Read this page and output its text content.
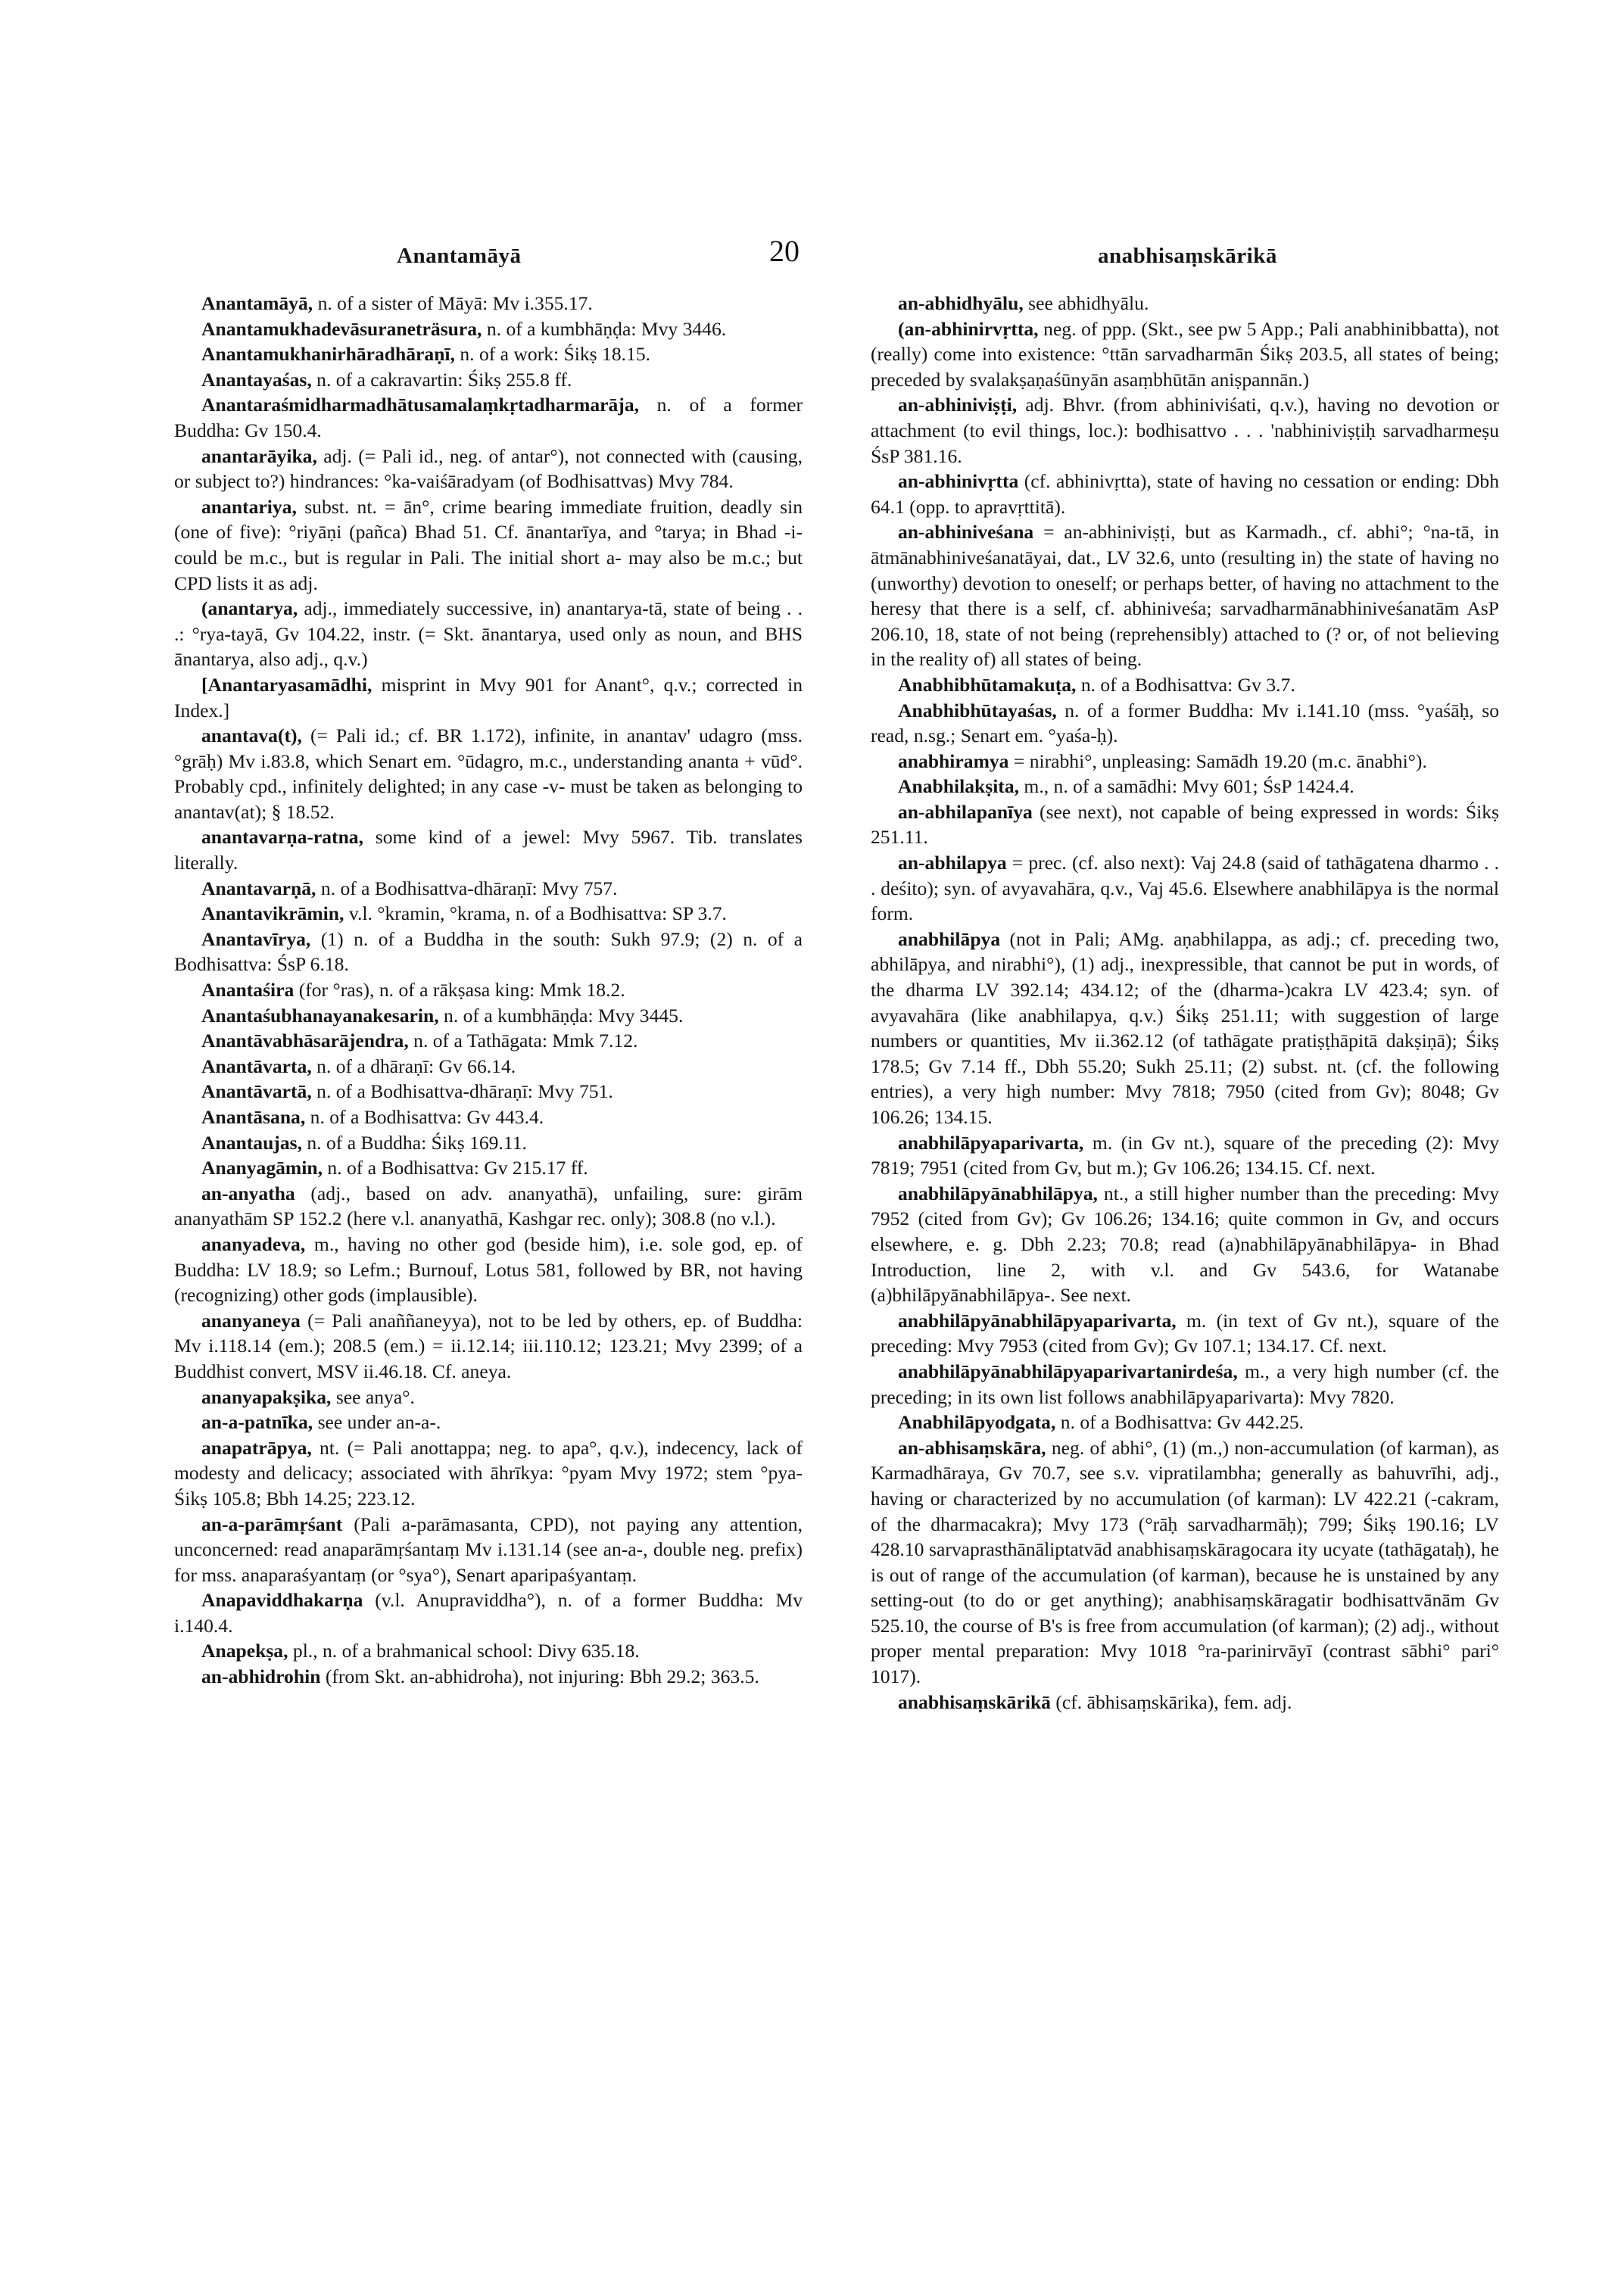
Anantamāyā	20	anabhisaṃskārikā

Anantamāyā, n. of a sister of Māyā: Mv i.355.17.

Anantamukhadevāsuraneträsura, n. of a kumbhāṇḍa: Mvy 3446.

Anantamukhanirhāradhāraṇī, n. of a work: Śikṣ 18.15.

Anantayaśas, n. of a cakravartin: Śikṣ 255.8 ff.

Anantaraśmidharmadhātusamalaṃkṛtadharmarāja, n. of a former Buddha: Gv 150.4.

anantarāyika, adj. (= Pali id., neg. of antar°), not connected with (causing, or subject to?) hindrances: °ka-vaiśāradyam (of Bodhisattvas) Mvy 784.

anantariya, subst. nt. = ān°, crime bearing immediate fruition, deadly sin (one of five): °riyāṇi (pañca) Bhad 51. Cf. ānantarīya, and °tarya; in Bhad -i- could be m.c., but is regular in Pali. The initial short a- may also be m.c.; but CPD lists it as adj.

(anantarya, adj., immediately successive, in) anantarya-tā, state of being . . .: °rya-tayā, Gv 104.22, instr. (= Skt. ānantarya, used only as noun, and BHS ānantarya, also adj., q.v.)

[Anantaryasamādhi, misprint in Mvy 901 for Anant°, q.v.; corrected in Index.]

anantava(t), (= Pali id.; cf. BR 1.172), infinite, in anantav' udagro (mss. °grāḥ) Mv i.83.8, which Senart em. °ūdagro, m.c., understanding ananta + vūd°. Probably cpd., infinitely delighted; in any case -v- must be taken as belonging to anantav(at); § 18.52.

anantavarṇa-ratna, some kind of a jewel: Mvy 5967. Tib. translates literally.

Anantavarṇā, n. of a Bodhisattva-dhāraṇī: Mvy 757.

Anantavikrāmin, v.l. °kramin, °krama, n. of a Bodhisattva: SP 3.7.

Anantavīrya, (1) n. of a Buddha in the south: Sukh 97.9; (2) n. of a Bodhisattva: ŚsP 6.18.

Anantaśira (for °ras), n. of a rākṣasa king: Mmk 18.2.

Anantaśubhanayanakesarin, n. of a kumbhāṇḍa: Mvy 3445.

Anantāvabhāsarājendra, n. of a Tathāgata: Mmk 7.12.

Anantāvarta, n. of a dhāraṇī: Gv 66.14.

Anantāvartā, n. of a Bodhisattva-dhāraṇī: Mvy 751.

Anantāsana, n. of a Bodhisattva: Gv 443.4.

Anantaujas, n. of a Buddha: Śikṣ 169.11.

Ananyagāmin, n. of a Bodhisattva: Gv 215.17 ff.

an-anyatha (adj., based on adv. ananyathā), unfailing, sure: girām ananyathām SP 152.2 (here v.l. ananyathā, Kashgar rec. only); 308.8 (no v.l.).

ananyadeva, m., having no other god (beside him), i.e. sole god, ep. of Buddha: LV 18.9; so Lefm.; Burnouf, Lotus 581, followed by BR, not having (recognizing) other gods (implausible).

ananyaneya (= Pali anaññaneyya), not to be led by others, ep. of Buddha: Mv i.118.14 (em.); 208.5 (em.) = ii.12.14; iii.110.12; 123.21; Mvy 2399; of a Buddhist convert, MSV ii.46.18. Cf. aneya.

ananyapakṣika, see anya°.

an-a-patnīka, see under an-a-.

anapatrāpya, nt. (= Pali anottappa; neg. to apa°, q.v.), indecency, lack of modesty and delicacy; associated with āhrīkya: °pyam Mvy 1972; stem °pya- Śikṣ 105.8; Bbh 14.25; 223.12.

an-a-parāmṛśant (Pali a-parāmasanta, CPD), not paying any attention, unconcerned: read anaparāmṛśantaṃ Mv i.131.14 (see an-a-, double neg. prefix) for mss. anaparaśyantaṃ (or °sya°), Senart aparipaśyantaṃ.

Anapaviddhakarṇa (v.l. Anupraviddha°), n. of a former Buddha: Mv i.140.4.

Anapekṣa, pl., n. of a brahmanical school: Divy 635.18.

an-abhidrohin (from Skt. an-abhidroha), not injuring: Bbh 29.2; 363.5.

an-abhidhyālu, see abhidhyālu.

(an-abhinirvṛtta, neg. of ppp. (Skt., see pw 5 App.; Pali anabhinibbatta), not (really) come into existence: °ttān sarvadharmān Śikṣ 203.5, all states of being; preceded by svalakṣaṇaśūnyān asaṃbhūtān aniṣpannān.)

an-abhiniviṣṭi, adj. Bhvr. (from abhiniviśati, q.v.), having no devotion or attachment (to evil things, loc.): bodhisattvo . . . 'nabhiniviṣṭiḥ sarvadharmeṣu ŚsP 381.16.

an-abhinivṛtta (cf. abhinivṛtta), state of having no cessation or ending: Dbh 64.1 (opp. to apravṛttitā).

an-abhiniveśana = an-abhiniviṣṭi, but as Karmadh., cf. abhi°; °na-tā, in ātmānabhiniveśanatāyai, dat., LV 32.6, unto (resulting in) the state of having no (unworthy) devotion to oneself; or perhaps better, of having no attachment to the heresy that there is a self, cf. abhiniveśa; sarvadharmānabhiniveśanatām AsP 206.10, 18, state of not being (reprehensibly) attached to (? or, of not believing in the reality of) all states of being.

Anabhibhūtamakuṭa, n. of a Bodhisattva: Gv 3.7.

Anabhibhūtayaśas, n. of a former Buddha: Mv i.141.10 (mss. °yaśāḥ, so read, n.sg.; Senart em. °yaśa-ḥ).

anabhiramya = nirabhi°, unpleasing: Samādh 19.20 (m.c. ānabhi°).

Anabhilakṣita, m., n. of a samādhi: Mvy 601; ŚsP 1424.4.

an-abhilapanīya (see next), not capable of being expressed in words: Śikṣ 251.11.

an-abhilapya = prec. (cf. also next): Vaj 24.8 (said of tathāgatena dharmo . . . deśito); syn. of avyavahāra, q.v., Vaj 45.6. Elsewhere anabhilāpya is the normal form.

anabhilāpya (not in Pali; AMg. aṇabhilappa, as adj.; cf. preceding two, abhilāpya, and nirabhi°), (1) adj., inexpressible, that cannot be put in words, of the dharma LV 392.14; 434.12; of the (dharma-)cakra LV 423.4; syn. of avyavahāra (like anabhilapya, q.v.) Śikṣ 251.11; with suggestion of large numbers or quantities, Mv ii.362.12 (of tathāgate pratiṣṭhāpitā dakṣiṇā); Śikṣ 178.5; Gv 7.14 ff., Dbh 55.20; Sukh 25.11; (2) subst. nt. (cf. the following entries), a very high number: Mvy 7818; 7950 (cited from Gv); 8048; Gv 106.26; 134.15.

anabhilāpyaparivarta, m. (in Gv nt.), square of the preceding (2): Mvy 7819; 7951 (cited from Gv, but m.); Gv 106.26; 134.15. Cf. next.

anabhilāpyānabhilāpya, nt., a still higher number than the preceding: Mvy 7952 (cited from Gv); Gv 106.26; 134.16; quite common in Gv, and occurs elsewhere, e. g. Dbh 2.23; 70.8; read (a)nabhilāpyānabhilāpya- in Bhad Introduction, line 2, with v.l. and Gv 543.6, for Watanabe (a)bhilāpyānabhilāpya-. See next.

anabhilāpyānabhilāpyaparivarta, m. (in text of Gv nt.), square of the preceding: Mvy 7953 (cited from Gv); Gv 107.1; 134.17. Cf. next.

anabhilāpyānabhilāpyaparivartanirdeśa, m., a very high number (cf. the preceding; in its own list follows anabhilāpyaparivarta): Mvy 7820.

Anabhilāpyodgata, n. of a Bodhisattva: Gv 442.25.

an-abhisaṃskāra, neg. of abhi°, (1) (m.,) non-accumulation (of karman), as Karmadhāraya, Gv 70.7, see s.v. vipratilambha; generally as bahuvrīhi, adj., having or characterized by no accumulation (of karman): LV 422.21 (-cakram, of the dharmacakra); Mvy 173 (°rāḥ sarvadharmāḥ); 799; Śikṣ 190.16; LV 428.10 sarvaprasthānāliptatvād anabhisaṃskāragocara ity ucyate (tathāgataḥ), he is out of range of the accumulation (of karman), because he is unstained by any setting-out (to do or get anything); anabhisaṃskāragatir bodhisattvānām Gv 525.10, the course of B's is free from accumulation (of karman); (2) adj., without proper mental preparation: Mvy 1018 °ra-parinirvāyī (contrast sābhi° pari° 1017).

anabhisaṃskārikā (cf. ābhisaṃskārika), fem. adj.
